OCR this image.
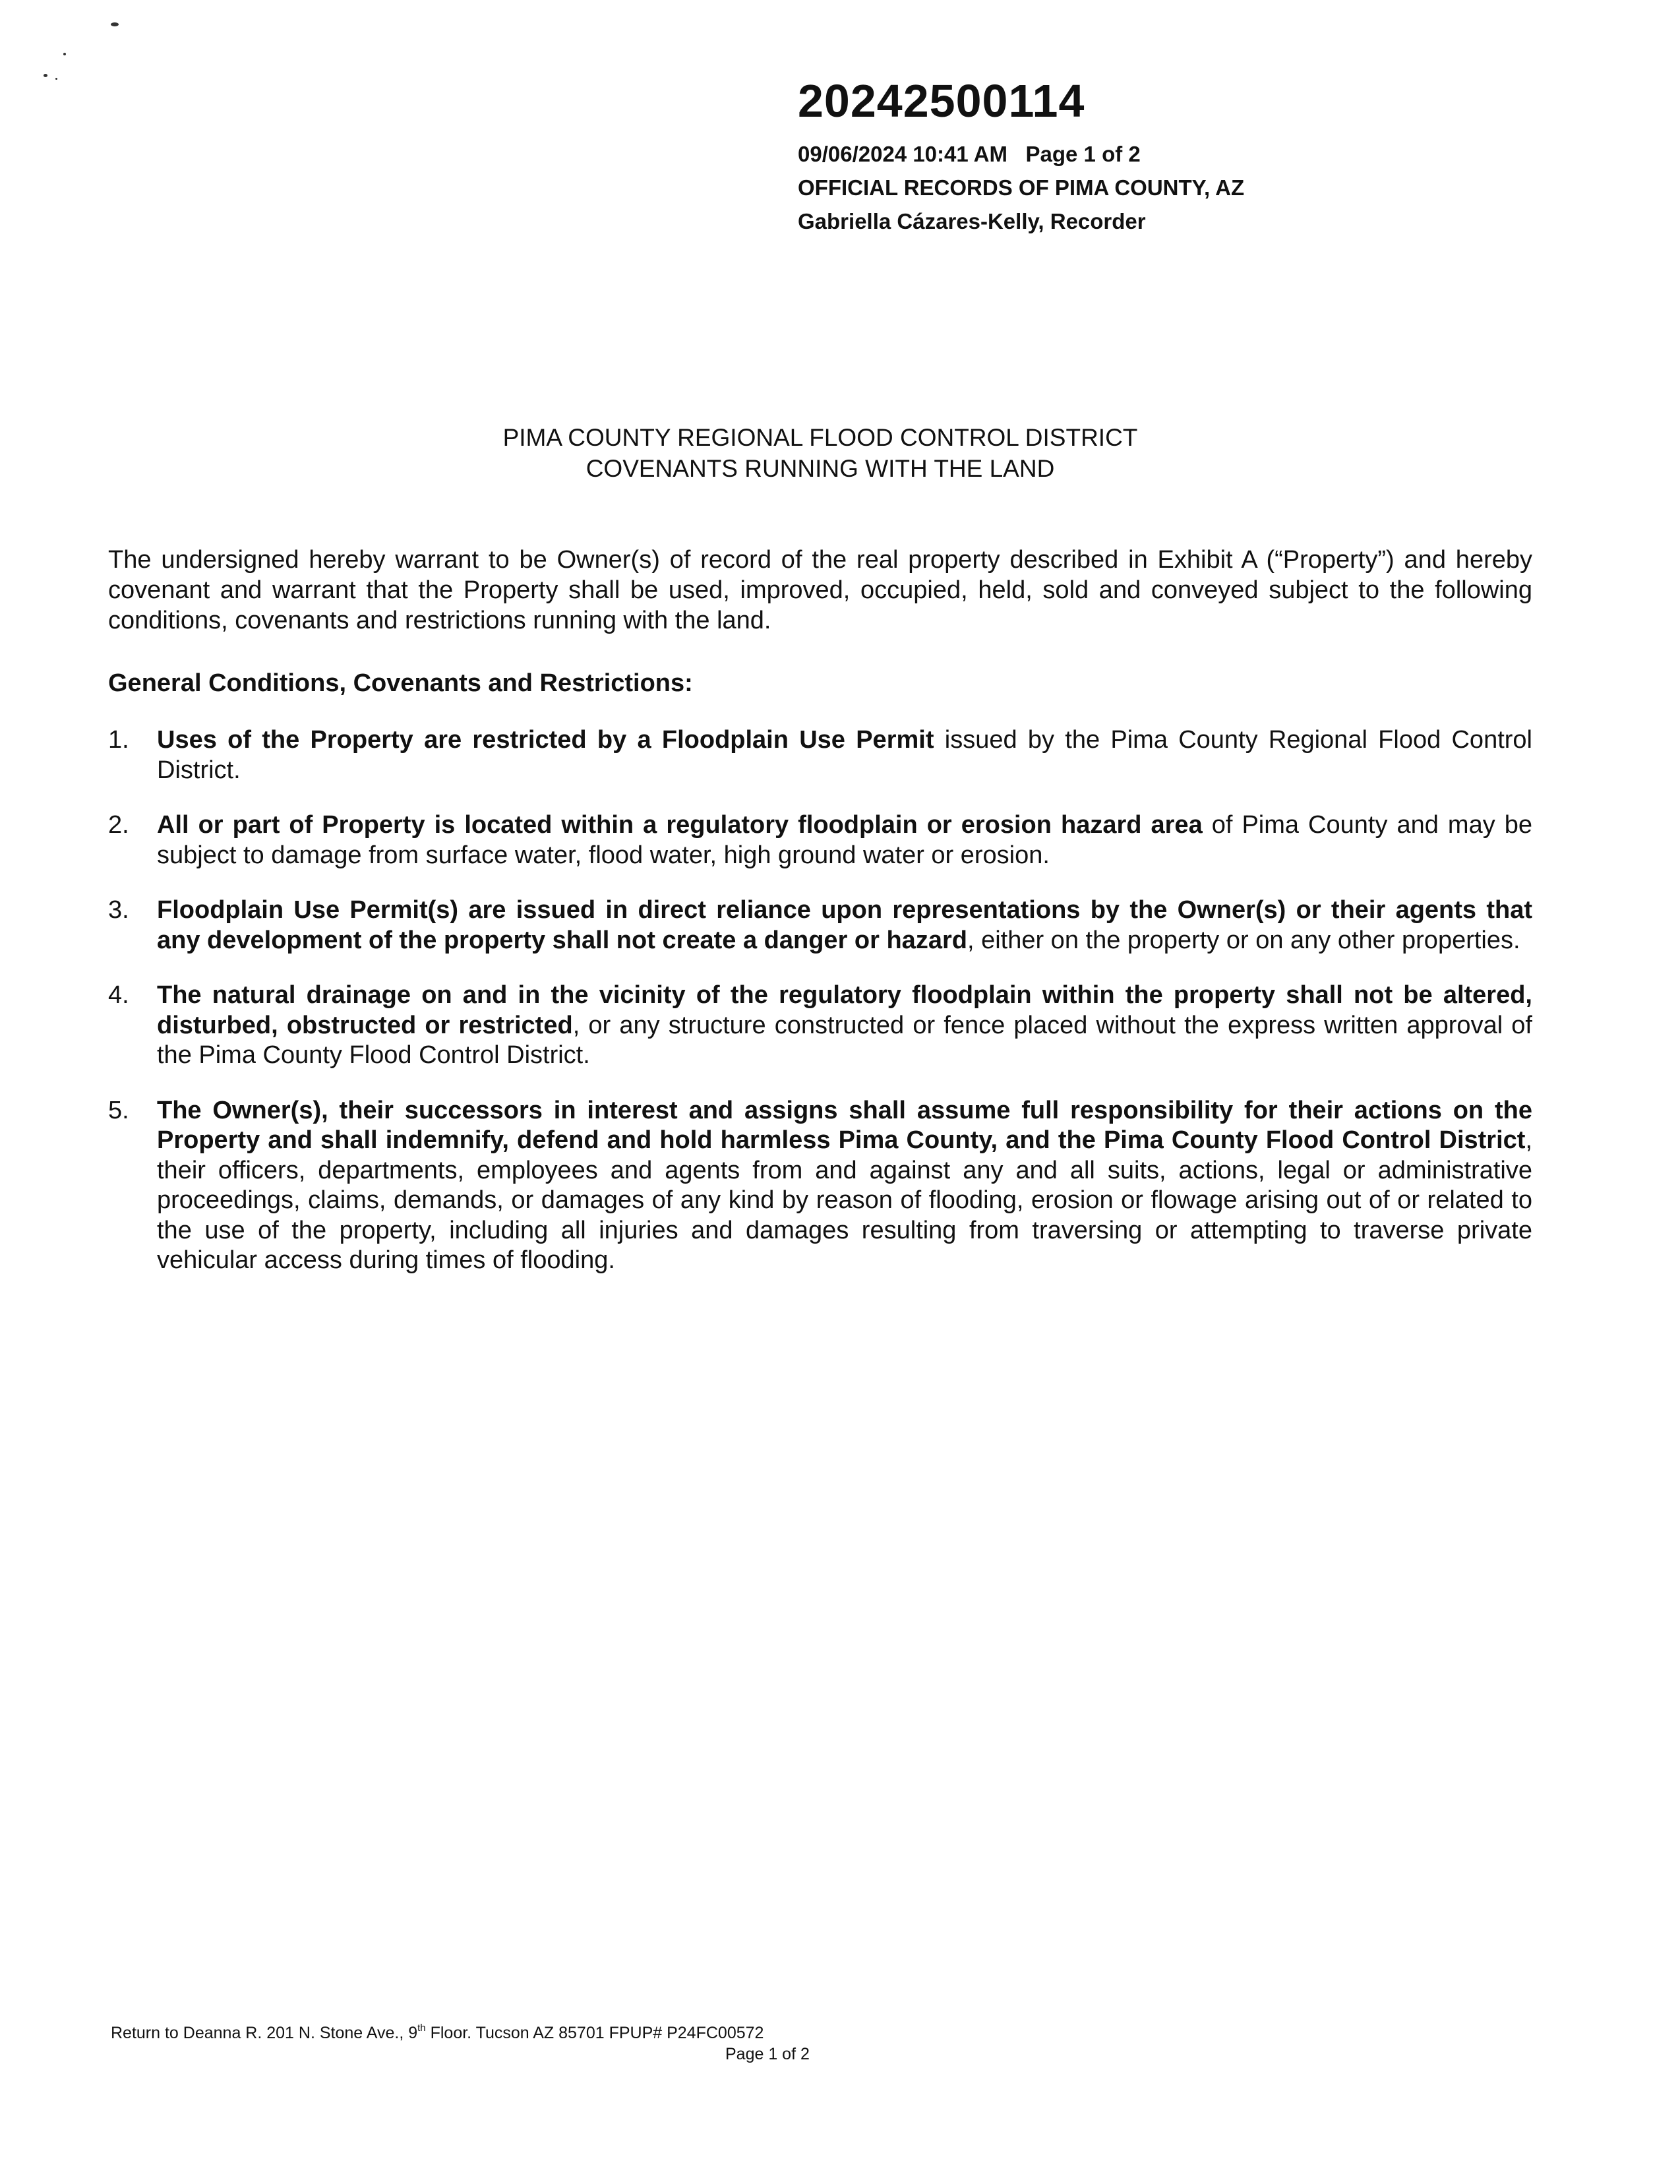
20242500114
09/06/2024 10:41 AM Page 1 of 2
OFFICIAL RECORDS OF PIMA COUNTY, AZ
Gabriella Cázares-Kelly, Recorder
PIMA COUNTY REGIONAL FLOOD CONTROL DISTRICT
COVENANTS RUNNING WITH THE LAND

The undersigned hereby warrant to be Owner(s) of record of the real property described in Exhibit A (“Property”) and hereby covenant and warrant that the Property shall be used, improved, occupied, held, sold and conveyed subject to the following conditions, covenants and restrictions running with the land.

General Conditions, Covenants and Restrictions:
1.	Uses of the Property are restricted by a Floodplain Use Permit issued by the Pima County Regional Flood Control District.
2.	All or part of Property is located within a regulatory floodplain or erosion hazard area of Pima County and may be subject to damage from surface water, flood water, high ground water or erosion.
3.	Floodplain Use Permit(s) are issued in direct reliance upon representations by the Owner(s) or their agents that any development of the property shall not create a danger or hazard, either on the property or on any other properties.
4.	The natural drainage on and in the vicinity of the regulatory floodplain within the property shall not be altered, disturbed, obstructed or restricted, or any structure constructed or fence placed without the express written approval of the Pima County Flood Control District.
5.	The Owner(s), their successors in interest and assigns shall assume full responsibility for their actions on the Property and shall indemnify, defend and hold harmless Pima County, and the Pima County Flood Control District, their officers, departments, employees and agents from and against any and all suits, actions, legal or administrative proceedings, claims, demands, or damages of any kind by reason of flooding, erosion or flowage arising out of or related to the use of the property, including all injuries and damages resulting from traversing or attempting to traverse private vehicular access during times of flooding.
Return to Deanna R. 201 N. Stone Ave., 9th Floor. Tucson AZ 85701 FPUP# P24FC00572
Page 1 of 2
